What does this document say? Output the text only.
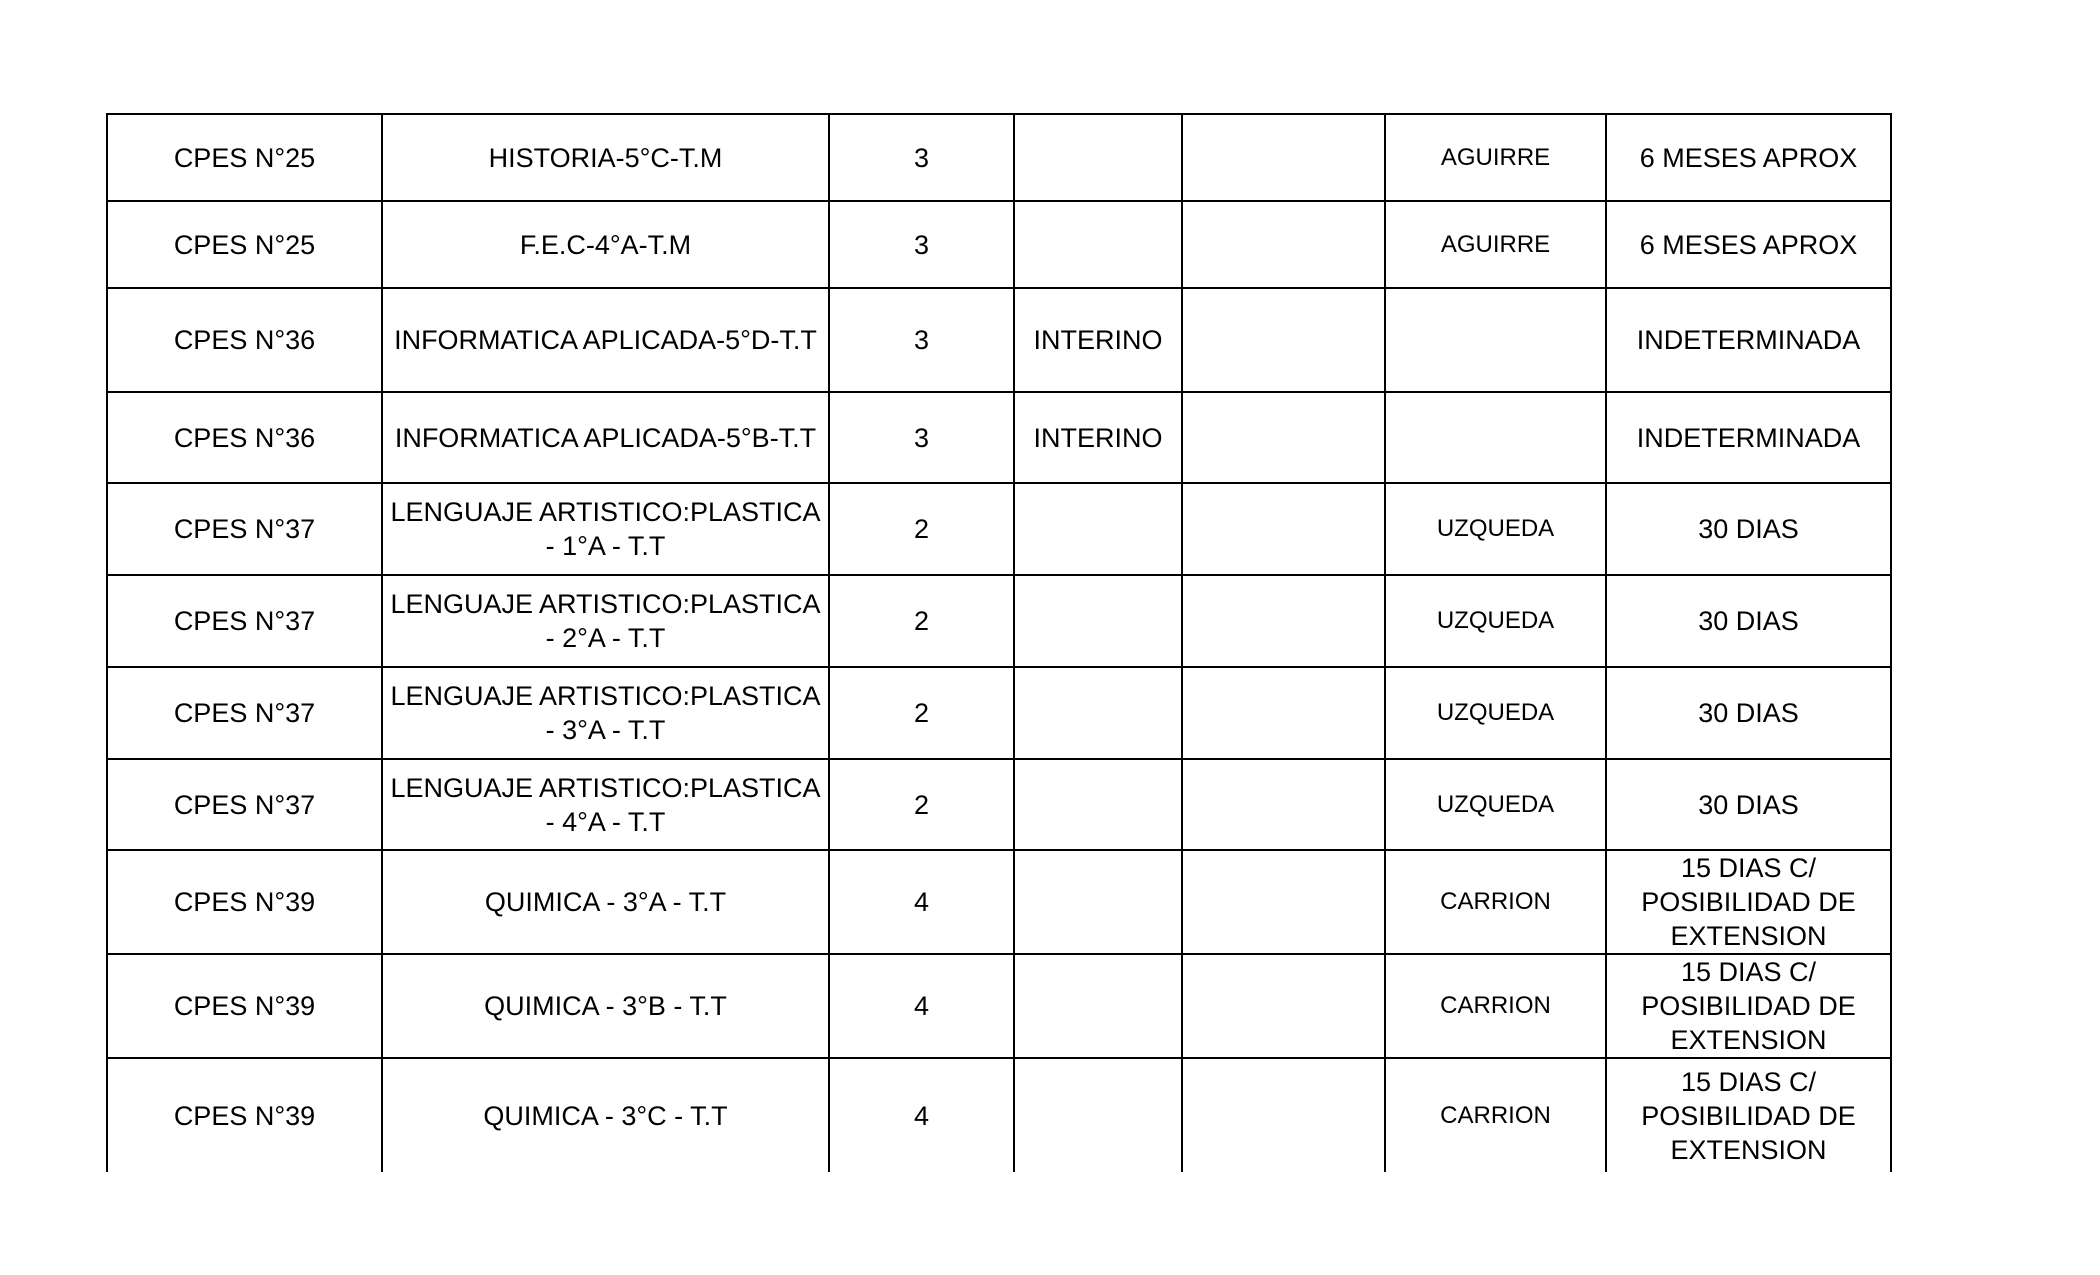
CPES N°25	HISTORIA-5°C-T.M	3			AGUIRRE	6 MESES APROX
CPES N°25	F.E.C-4°A-T.M	3			AGUIRRE	6 MESES APROX
CPES N°36	INFORMATICA APLICADA-5°D-T.T	3	INTERINO			INDETERMINADA
CPES N°36	INFORMATICA APLICADA-5°B-T.T	3	INTERINO			INDETERMINADA
CPES N°37	LENGUAJE ARTISTICO:PLASTICA - 1°A - T.T	2			UZQUEDA	30 DIAS
CPES N°37	LENGUAJE ARTISTICO:PLASTICA - 2°A - T.T	2			UZQUEDA	30 DIAS
CPES N°37	LENGUAJE ARTISTICO:PLASTICA - 3°A - T.T	2			UZQUEDA	30 DIAS
CPES N°37	LENGUAJE ARTISTICO:PLASTICA - 4°A - T.T	2			UZQUEDA	30 DIAS
CPES N°39	QUIMICA - 3°A - T.T	4			CARRION	15 DIAS C/ POSIBILIDAD DE EXTENSION
CPES N°39	QUIMICA - 3°B - T.T	4			CARRION	15 DIAS C/ POSIBILIDAD DE EXTENSION
CPES N°39	QUIMICA - 3°C - T.T	4			CARRION	15 DIAS C/ POSIBILIDAD DE EXTENSION
